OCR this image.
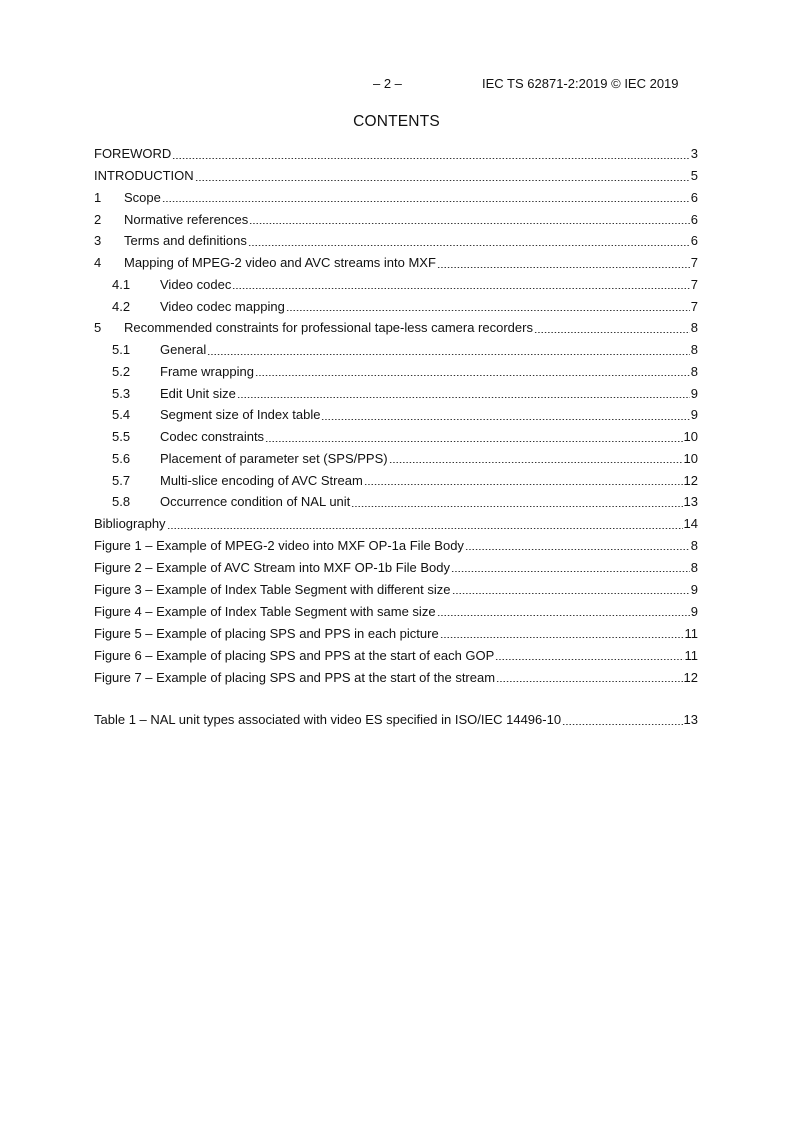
– 2 –	IEC TS 62871-2:2019 © IEC 2019
CONTENTS
FOREWORD	3
INTRODUCTION	5
1	Scope	6
2	Normative references	6
3	Terms and definitions	6
4	Mapping of MPEG-2 video and AVC streams into MXF	7
4.1	Video codec	7
4.2	Video codec mapping	7
5	Recommended constraints for professional tape-less camera recorders	8
5.1	General	8
5.2	Frame wrapping	8
5.3	Edit Unit size	9
5.4	Segment size of Index table	9
5.5	Codec constraints	10
5.6	Placement of parameter set (SPS/PPS)	10
5.7	Multi-slice encoding of AVC Stream	12
5.8	Occurrence condition of NAL unit	13
Bibliography	14
Figure 1 – Example of MPEG-2 video into MXF OP-1a File Body	8
Figure 2 – Example of AVC Stream into MXF OP-1b File Body	8
Figure 3 – Example of Index Table Segment with different size	9
Figure 4 – Example of Index Table Segment with same size	9
Figure 5 – Example of placing SPS and PPS in each picture	11
Figure 6 – Example of placing SPS and PPS at the start of each GOP	11
Figure 7 – Example of placing SPS and PPS at the start of the stream	12
Table 1 – NAL unit types associated with video ES specified in ISO/IEC 14496-10	13
